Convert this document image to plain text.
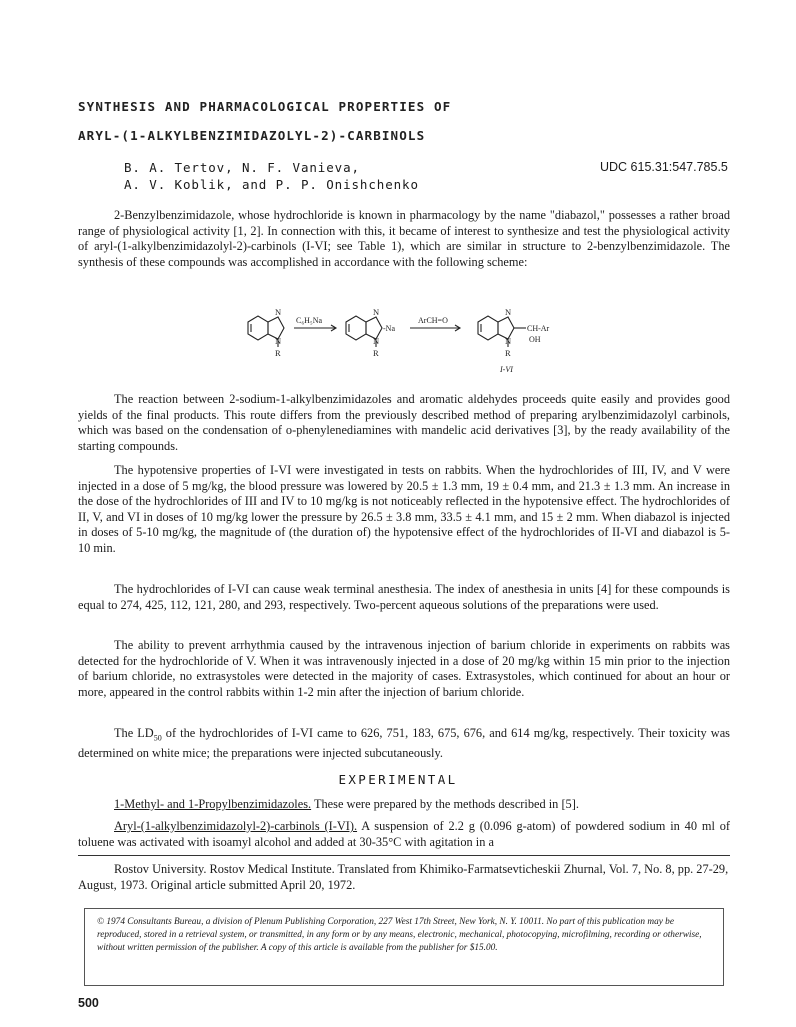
SYNTHESIS AND PHARMACOLOGICAL PROPERTIES OF
ARYL-(1-ALKYLBENZIMIDAZOLYL-2)-CARBINOLS
B. A. Tertov, N. F. Vanieva,
A. V. Koblik, and P. P. Onishchenko
UDC 615.31:547.785.5

2-Benzylbenzimidazole, whose hydrochloride is known in pharmacology by the name "diabazol," possesses a rather broad range of physiological activity [1, 2]. In connection with this, it became of interest to synthesize and test the physiological activity of aryl-(1-alkylbenzimidazolyl-2)-carbinols (I-VI; see Table 1), which are similar in structure to 2-benzylbenzimidazole. The synthesis of these compounds was accomplished in accordance with the following scheme:

N
N
R
C₆H₅Na
N
N
R
-Na
ArCH=O
N
N
R
CH-Ar
OH
I-VI

The reaction between 2-sodium-1-alkylbenzimidazoles and aromatic aldehydes proceeds quite easily and provides good yields of the final products. This route differs from the previously described method of preparing arylbenzimidazolyl carbinols, which was based on the condensation of o-phenylenediamines with mandelic acid derivatives [3], by the ready availability of the starting compounds.

The hypotensive properties of I-VI were investigated in tests on rabbits. When the hydrochlorides of III, IV, and V were injected in a dose of 5 mg/kg, the blood pressure was lowered by 20.5 ± 1.3 mm, 19 ± 0.4 mm, and 21.3 ± 1.3 mm. An increase in the dose of the hydrochlorides of III and IV to 10 mg/kg is not noticeably reflected in the hypotensive effect. The hydrochlorides of II, V, and VI in doses of 10 mg/kg lower the pressure by 26.5 ± 3.8 mm, 33.5 ± 4.1 mm, and 15 ± 2 mm. When diabazol is injected in doses of 5-10 mg/kg, the magnitude of (the duration of) the hypotensive effect of the hydrochlorides of II-VI and diabazol is 5-10 min.

The hydrochlorides of I-VI can cause weak terminal anesthesia. The index of anesthesia in units [4] for these compounds is equal to 274, 425, 112, 121, 280, and 293, respectively. Two-percent aqueous solutions of the preparations were used.

The ability to prevent arrhythmia caused by the intravenous injection of barium chloride in experiments on rabbits was detected for the hydrochloride of V. When it was intravenously injected in a dose of 20 mg/kg within 15 min prior to the injection of barium chloride, no extrasystoles were detected in the majority of cases. Extrasystoles, which continued for about an hour or more, appeared in the control rabbits within 1-2 min after the injection of barium chloride.

The $LD_{50}$ of the hydrochlorides of I-VI came to 626, 751, 183, 675, 676, and 614 mg/kg, respectively. Their toxicity was determined on white mice; the preparations were injected subcutaneously.

EXPERIMENTAL

1-Methyl- and 1-Propylbenzimidazoles. These were prepared by the methods described in [5].

Aryl-(1-alkylbenzimidazolyl-2)-carbinols (I-VI). A suspension of 2.2 g (0.096 g-atom) of powdered sodium in 40 ml of toluene was activated with isoamyl alcohol and added at 30-35°C with agitation in a

Rostov University. Rostov Medical Institute. Translated from Khimiko-Farmatsevticheskii Zhurnal, Vol. 7, No. 8, pp. 27-29, August, 1973. Original article submitted April 20, 1972.
© 1974 Consultants Bureau, a division of Plenum Publishing Corporation, 227 West 17th Street, New York, N. Y. 10011. No part of this publication may be reproduced, stored in a retrieval system, or transmitted, in any form or by any means, electronic, mechanical, photocopying, microfilming, recording or otherwise, without written permission of the publisher. A copy of this article is available from the publisher for $15.00.
500
